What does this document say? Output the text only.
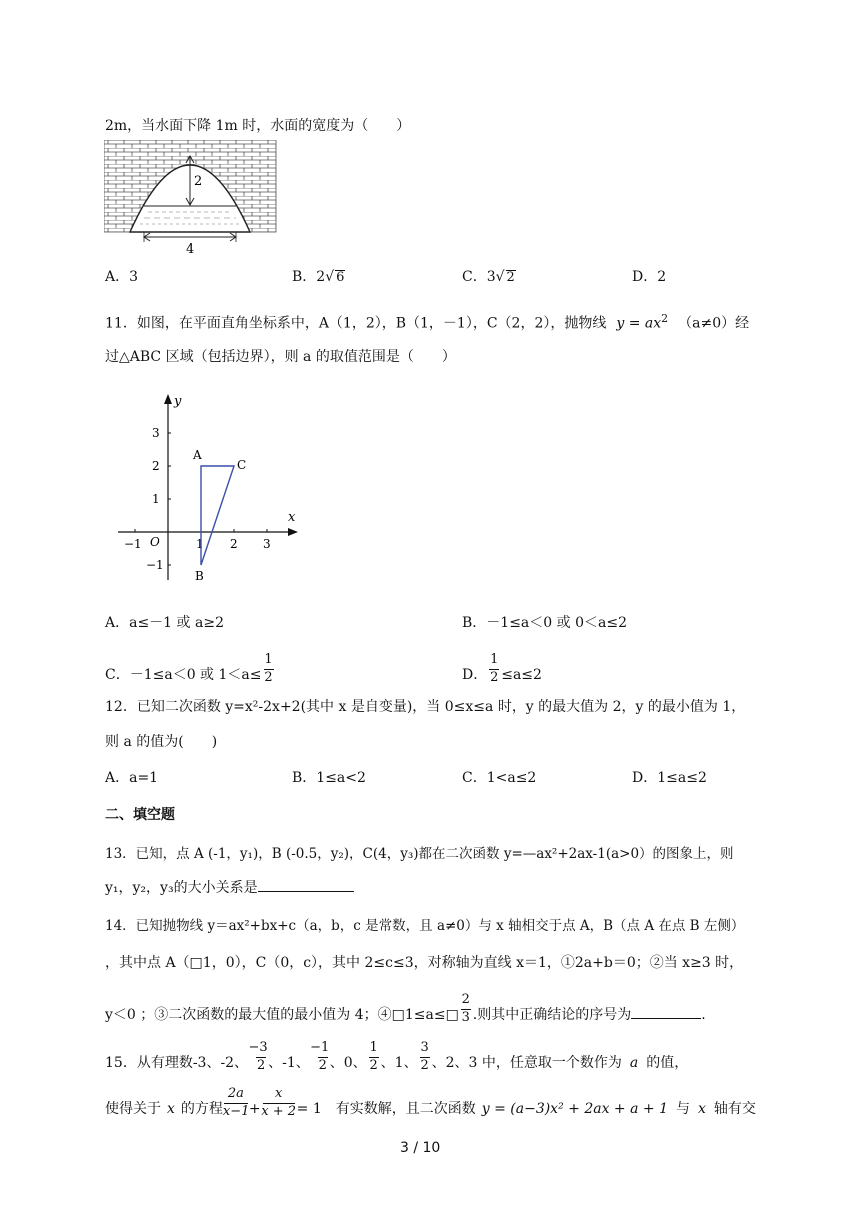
2m，当水面下降 1m 时，水面的宽度为（　　）
2
4
A．3	B．2√ 6	C．3√ 2	D．2
11．如图，在平面直角坐标系中，A（1，2），B（1，－1），C（2，2），抛物线 $y = ax^2$ （a≠0）经
过△ABC 区域（包括边界），则 a 的取值范围是（　　）
x
y
O
−1	1 2 3
3
2
1
−1
A
B
C
A．a≤－1 或 a≥2	B．－1≤a＜0 或 0＜a≤2
C．－1≤a＜0 或 $1<a\le \frac{1}{2}$	D． $\frac{1}{2} \le a\le 2$
12．已知二次函数 y=x²-2x+2(其中 x 是自变量)，当 0≤x≤a 时，y 的最大值为 2，y 的最小值为 1，
则 a 的值为(　　)
A．a=1	B．1≤a<2	C．1<a≤2	D．1≤a≤2
二、填空题
13．已知，点 A (-1，y₁)，B (-0.5，y₂)，C(4，y₃)都在二次函数 y=—ax²+2ax-1(a>0）的图象上，则
y₁，y₂，y₃的大小关系是
14．已知抛物线 y＝ax²+bx+c（a，b，c 是常数，且 a≠0）与 x 轴相交于点 A，B（点 A 在点 B 左侧）
，其中点 A（□1，0），C（0，c），其中 2≤c≤3，对称轴为直线 x＝1，①2a+b＝0；②当 x≥3 时，
y＜0 ；③二次函数的最大值的最小值为 4；④□1≤a≤□ $\frac{2}{3}$ .则其中正确结论的序号为	.
15．从有理数-3、-2、 $\frac{-3}{2}$ 、-1、 $\frac{-1}{2}$ 、0、 $\frac{1}{2}$ 、1、 $\frac{3}{2}$ 、2、3 中，任意取一个数作为 a 的值，
使得关于 x 的方程 $\frac{2a}{x-1} + \frac{x}{x + 2} = 1$ 有实数解，且二次函数 y = (a−3)x² + 2ax + a + 1 与 x 轴有交
3 / 10
